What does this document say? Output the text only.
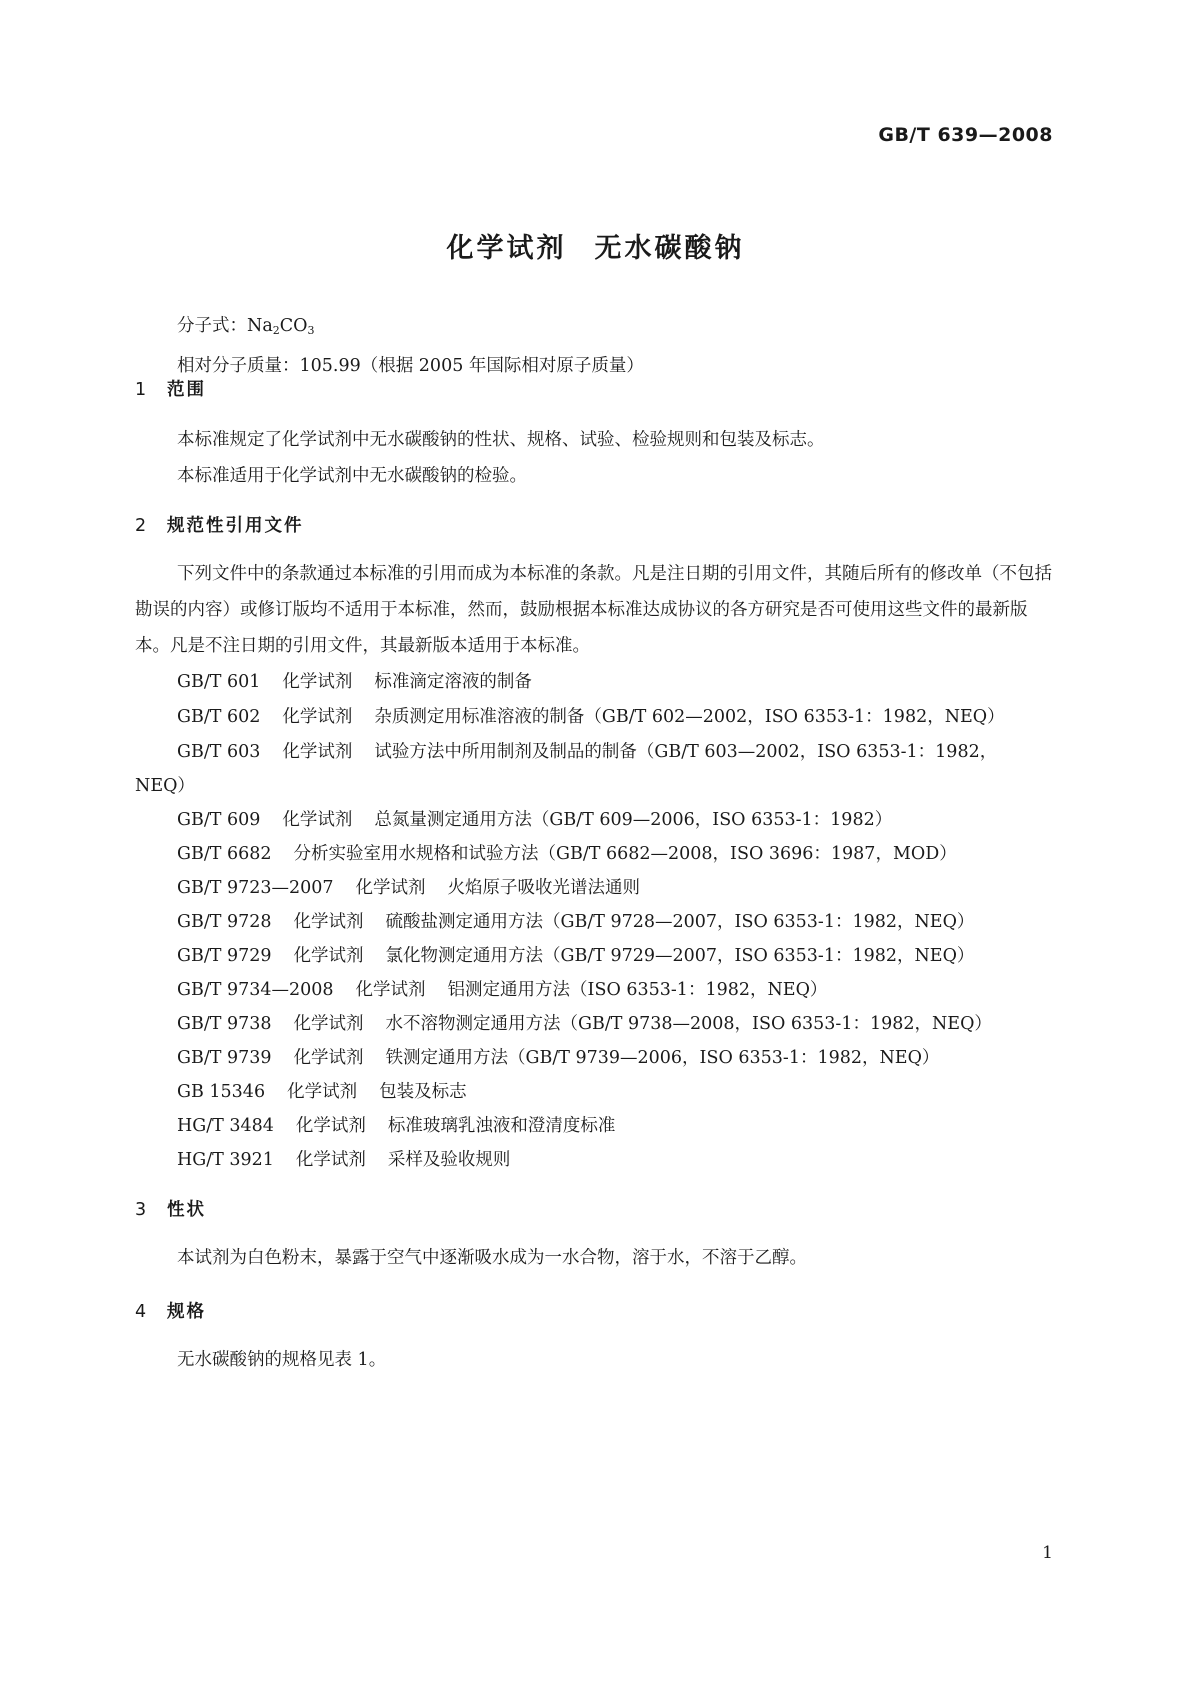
GB/T 639—2008
化学试剂 无水碳酸钠
分子式：$Na_2CO_3$
相对分子质量：105.99（根据 2005 年国际相对原子质量）
1 范围
本标准规定了化学试剂中无水碳酸钠的性状、规格、试验、检验规则和包装及标志。
本标准适用于化学试剂中无水碳酸钠的检验。
2 规范性引用文件
下列文件中的条款通过本标准的引用而成为本标准的条款。凡是注日期的引用文件，其随后所有的修改单（不包括勘误的内容）或修订版均不适用于本标准，然而，鼓励根据本标准达成协议的各方研究是否可使用这些文件的最新版本。凡是不注日期的引用文件，其最新版本适用于本标准。
GB/T 601 化学试剂 标准滴定溶液的制备
GB/T 602 化学试剂 杂质测定用标准溶液的制备（GB/T 602—2002，ISO 6353-1：1982，NEQ）
GB/T 603 化学试剂 试验方法中所用制剂及制品的制备（GB/T 603—2002，ISO 6353-1：1982，
NEQ）
GB/T 609 化学试剂 总氮量测定通用方法（GB/T 609—2006，ISO 6353-1：1982）
GB/T 6682 分析实验室用水规格和试验方法（GB/T 6682—2008，ISO 3696：1987，MOD）
GB/T 9723—2007 化学试剂 火焰原子吸收光谱法通则
GB/T 9728 化学试剂 硫酸盐测定通用方法（GB/T 9728—2007，ISO 6353-1：1982，NEQ）
GB/T 9729 化学试剂 氯化物测定通用方法（GB/T 9729—2007，ISO 6353-1：1982，NEQ）
GB/T 9734—2008 化学试剂 铝测定通用方法（ISO 6353-1：1982，NEQ）
GB/T 9738 化学试剂 水不溶物测定通用方法（GB/T 9738—2008，ISO 6353-1：1982，NEQ）
GB/T 9739 化学试剂 铁测定通用方法（GB/T 9739—2006，ISO 6353-1：1982，NEQ）
GB 15346 化学试剂 包装及标志
HG/T 3484 化学试剂 标准玻璃乳浊液和澄清度标准
HG/T 3921 化学试剂 采样及验收规则
3 性状
本试剂为白色粉末，暴露于空气中逐渐吸水成为一水合物，溶于水，不溶于乙醇。
4 规格
无水碳酸钠的规格见表 1。
1
